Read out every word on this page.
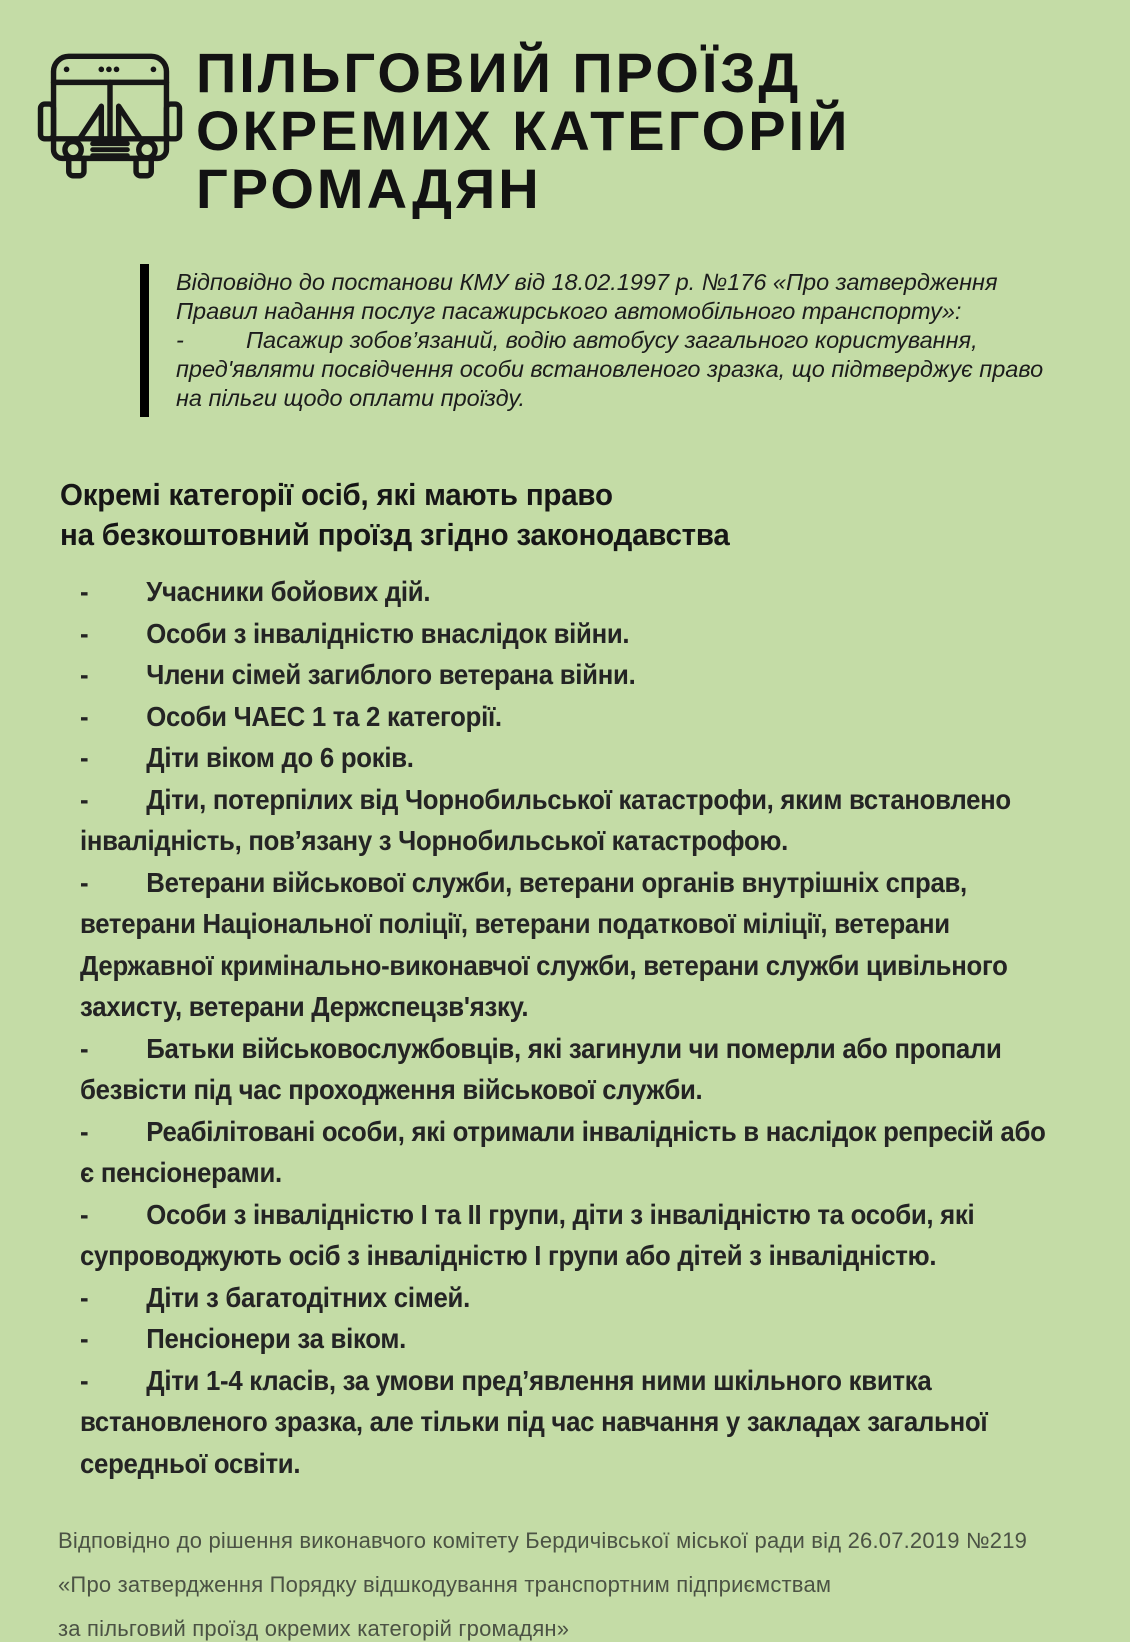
ПІЛЬГОВИЙ ПРОЇЗД
ОКРЕМИХ КАТЕГОРІЙ
ГРОМАДЯН

Відповідно до постанови КМУ від 18.02.1997 р. №176 «Про затвердження Правил надання послуг пасажирського автомобільного транспорту»:

-	Пасажир зобов’язаний, водію автобусу загального користування, пред'являти посвідчення особи встановленого зразка, що підтверджує право на пільги щодо оплати проїзду.

Окремі категорії осіб, які мають право
на безкоштовний проїзд згідно законодавства
- Учасники бойових дій.
- Особи з інвалідністю внаслідок війни.
- Члени сімей загиблого ветерана війни.
- Особи ЧАЕС 1 та 2 категорії.
- Діти віком до 6 років.
- Діти, потерпілих від Чорнобильської катастрофи, яким встановлено інвалідність, пов’язану з Чорнобильської катастрофою.
- Ветерани військової служби, ветерани органів внутрішніх справ, ветерани Національної поліції, ветерани податкової міліції, ветерани Державної кримінально-виконавчої служби, ветерани служби цивільного захисту, ветерани Держспецзв'язку.
- Батьки військовослужбовців, які загинули чи померли або пропали безвісти під час проходження військової служби.
- Реабілітовані особи, які отримали інвалідність в наслідок репресій або є пенсіонерами.
- Особи з інвалідністю І та ІІ групи, діти з інвалідністю та особи, які супроводжують осіб з інвалідністю І групи або дітей з інвалідністю.
- Діти з багатодітних сімей.
- Пенсіонери за віком.
- Діти 1-4 класів, за умови пред’явлення ними шкільного квитка встановленого зразка, але тільки під час навчання у закладах загальної середньої освіти.

Відповідно до рішення виконавчого комітету Бердичівської міської ради від 26.07.2019 №219

«Про затвердження Порядку відшкодування транспортним підприємствам

за пільговий проїзд окремих категорій громадян»
